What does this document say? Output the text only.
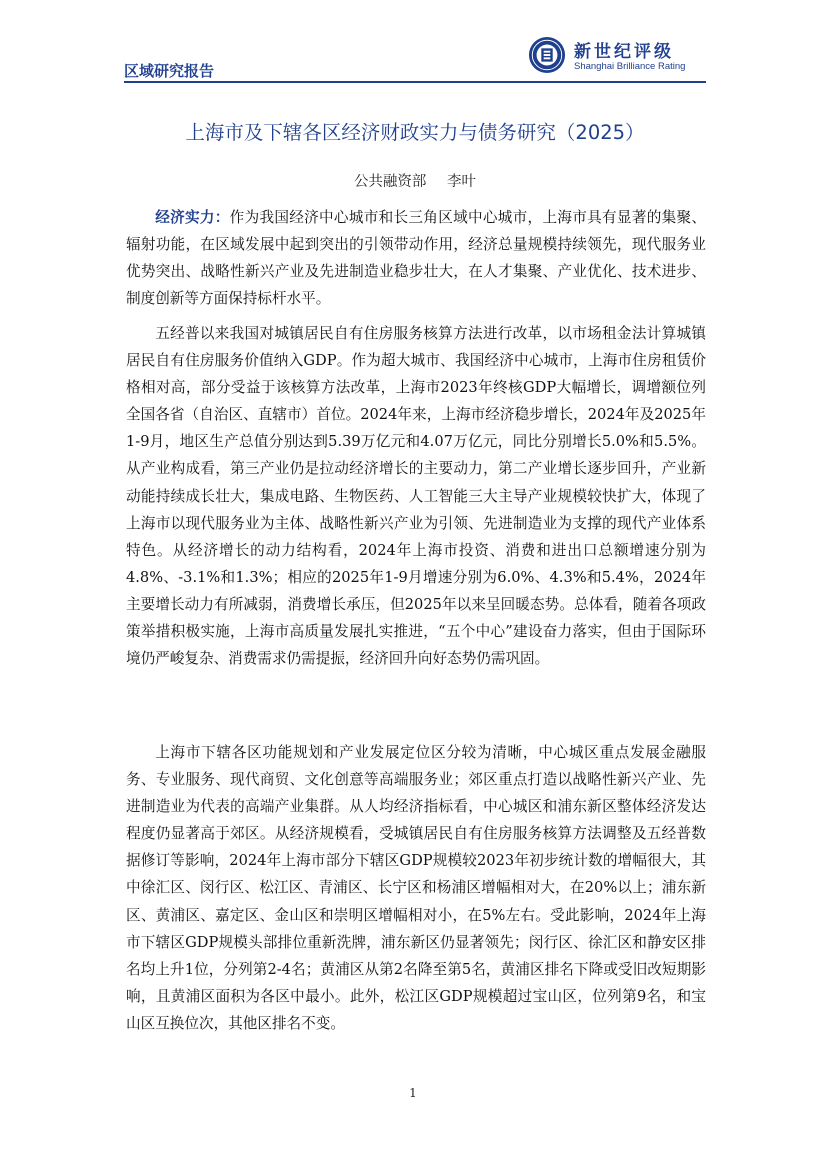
区域研究报告
新世纪评级
Shanghai Brilliance Rating
上海市及下辖各区经济财政实力与债务研究（2025）
公共融资部 李叶
经济实力：作为我国经济中心城市和长三角区域中心城市，上海市具有显著的集聚、辐射功能，在区域发展中起到突出的引领带动作用，经济总量规模持续领先，现代服务业优势突出、战略性新兴产业及先进制造业稳步壮大，在人才集聚、产业优化、技术进步、制度创新等方面保持标杆水平。
五经普以来我国对城镇居民自有住房服务核算方法进行改革，以市场租金法计算城镇居民自有住房服务价值纳入GDP。作为超大城市、我国经济中心城市，上海市住房租赁价格相对高，部分受益于该核算方法改革，上海市2023年终核GDP大幅增长，调增额位列全国各省（自治区、直辖市）首位。2024年来，上海市经济稳步增长，2024年及2025年1-9月，地区生产总值分别达到5.39万亿元和4.07万亿元，同比分别增长5.0%和5.5%。从产业构成看，第三产业仍是拉动经济增长的主要动力，第二产业增长逐步回升，产业新动能持续成长壮大，集成电路、生物医药、人工智能三大主导产业规模较快扩大，体现了上海市以现代服务业为主体、战略性新兴产业为引领、先进制造业为支撑的现代产业体系特色。从经济增长的动力结构看，2024年上海市投资、消费和进出口总额增速分别为4.8%、-3.1%和1.3%；相应的2025年1-9月增速分别为6.0%、4.3%和5.4%，2024年主要增长动力有所减弱，消费增长承压，但2025年以来呈回暖态势。总体看，随着各项政策举措积极实施，上海市高质量发展扎实推进，“五个中心”建设奋力落实，但由于国际环境仍严峻复杂、消费需求仍需提振，经济回升向好态势仍需巩固。
上海市下辖各区功能规划和产业发展定位区分较为清晰，中心城区重点发展金融服务、专业服务、现代商贸、文化创意等高端服务业；郊区重点打造以战略性新兴产业、先进制造业为代表的高端产业集群。从人均经济指标看，中心城区和浦东新区整体经济发达程度仍显著高于郊区。从经济规模看，受城镇居民自有住房服务核算方法调整及五经普数据修订等影响，2024年上海市部分下辖区GDP规模较2023年初步统计数的增幅很大，其中徐汇区、闵行区、松江区、青浦区、长宁区和杨浦区增幅相对大，在20%以上；浦东新区、黄浦区、嘉定区、金山区和崇明区增幅相对小，在5%左右。受此影响，2024年上海市下辖区GDP规模头部排位重新洗牌，浦东新区仍显著领先；闵行区、徐汇区和静安区排名均上升1位，分列第2-4名；黄浦区从第2名降至第5名，黄浦区排名下降或受旧改短期影响，且黄浦区面积为各区中最小。此外，松江区GDP规模超过宝山区，位列第9名，和宝山区互换位次，其他区排名不变。
1
